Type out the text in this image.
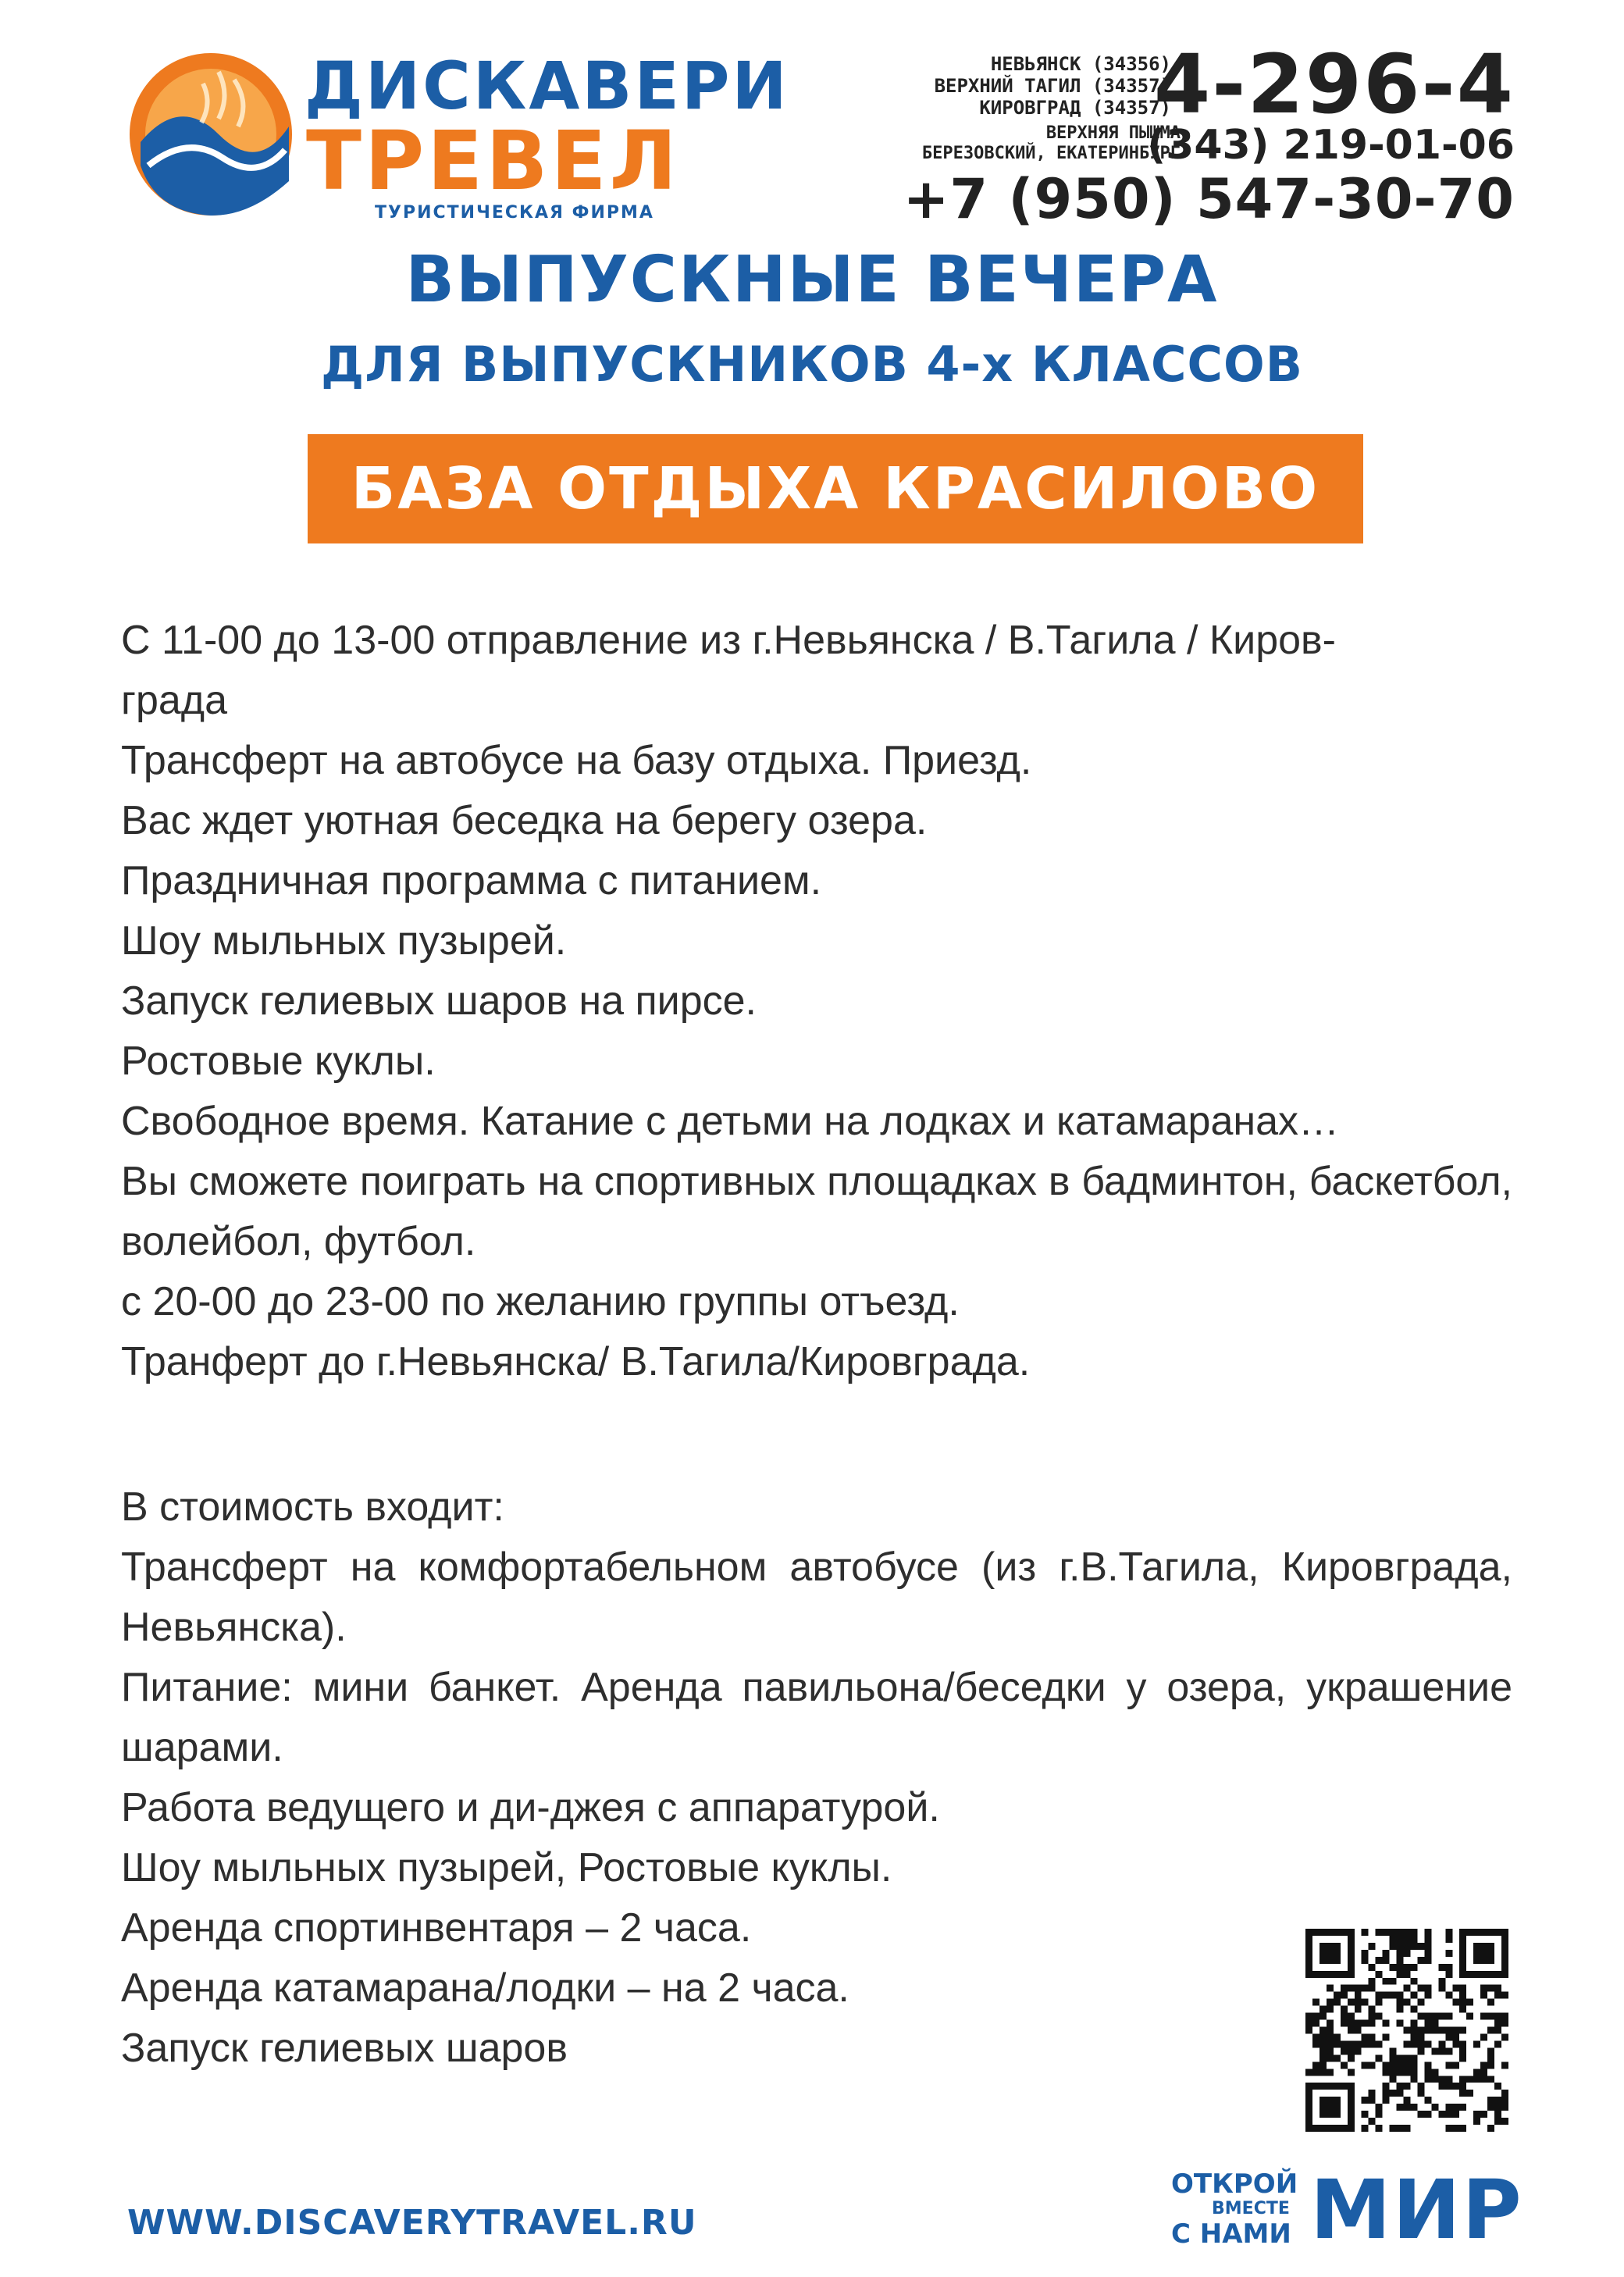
ДИСКАВЕРИ
ТРЕВЕЛ
ТУРИСТИЧЕСКАЯ ФИРМА
НЕВЬЯНСК (34356)
ВЕРХНИЙ ТАГИЛ (34357)
КИРОВГРАД (34357)
4-296-4
ВЕРХНЯЯ ПЫШМА
БЕРЕЗОВСКИЙ, ЕКАТЕРИНБУРГ
(343) 219-01-06
+7 (950) 547-30-70
ВЫПУСКНЫЕ ВЕЧЕРА
ДЛЯ ВЫПУСКНИКОВ 4-х КЛАССОВ
БАЗА ОТДЫХА КРАСИЛОВО

С 11-00 до 13-00 отправление из г.Невьянска / В.Тагила / Киров-

града

Трансферт на автобусе на базу отдыха. Приезд.

Вас ждет уютная беседка на берегу озера.

Праздничная программа с питанием.

Шоу мыльных пузырей.

Запуск гелиевых шаров на пирсе.

Ростовые куклы.

Свободное время. Катание с детьми на лодках и катамаранах…

Вы сможете поиграть на спортивных площадках в бадминтон, баскетбол, волейбол, футбол.

с 20-00 до 23-00 по желанию группы отъезд.

Транферт до г.Невьянска/ В.Тагила/Кировграда.

В стоимость входит:

Трансферт на комфортабельном автобусе (из г.В.Тагила, Кировграда, Невьянска).

Питание: мини банкет. Аренда павильона/беседки у озера, украшение шарами.

Работа ведущего и ди-джея с аппаратурой.

Шоу мыльных пузырей, Ростовые куклы.

Аренда спортинвентаря – 2 часа.

Аренда катамарана/лодки – на 2 часа.

Запуск гелиевых шаров

WWW.DISCAVERYTRAVEL.RU
ОТКРОЙ
ВМЕСТЕ
С НАМИ МИР
